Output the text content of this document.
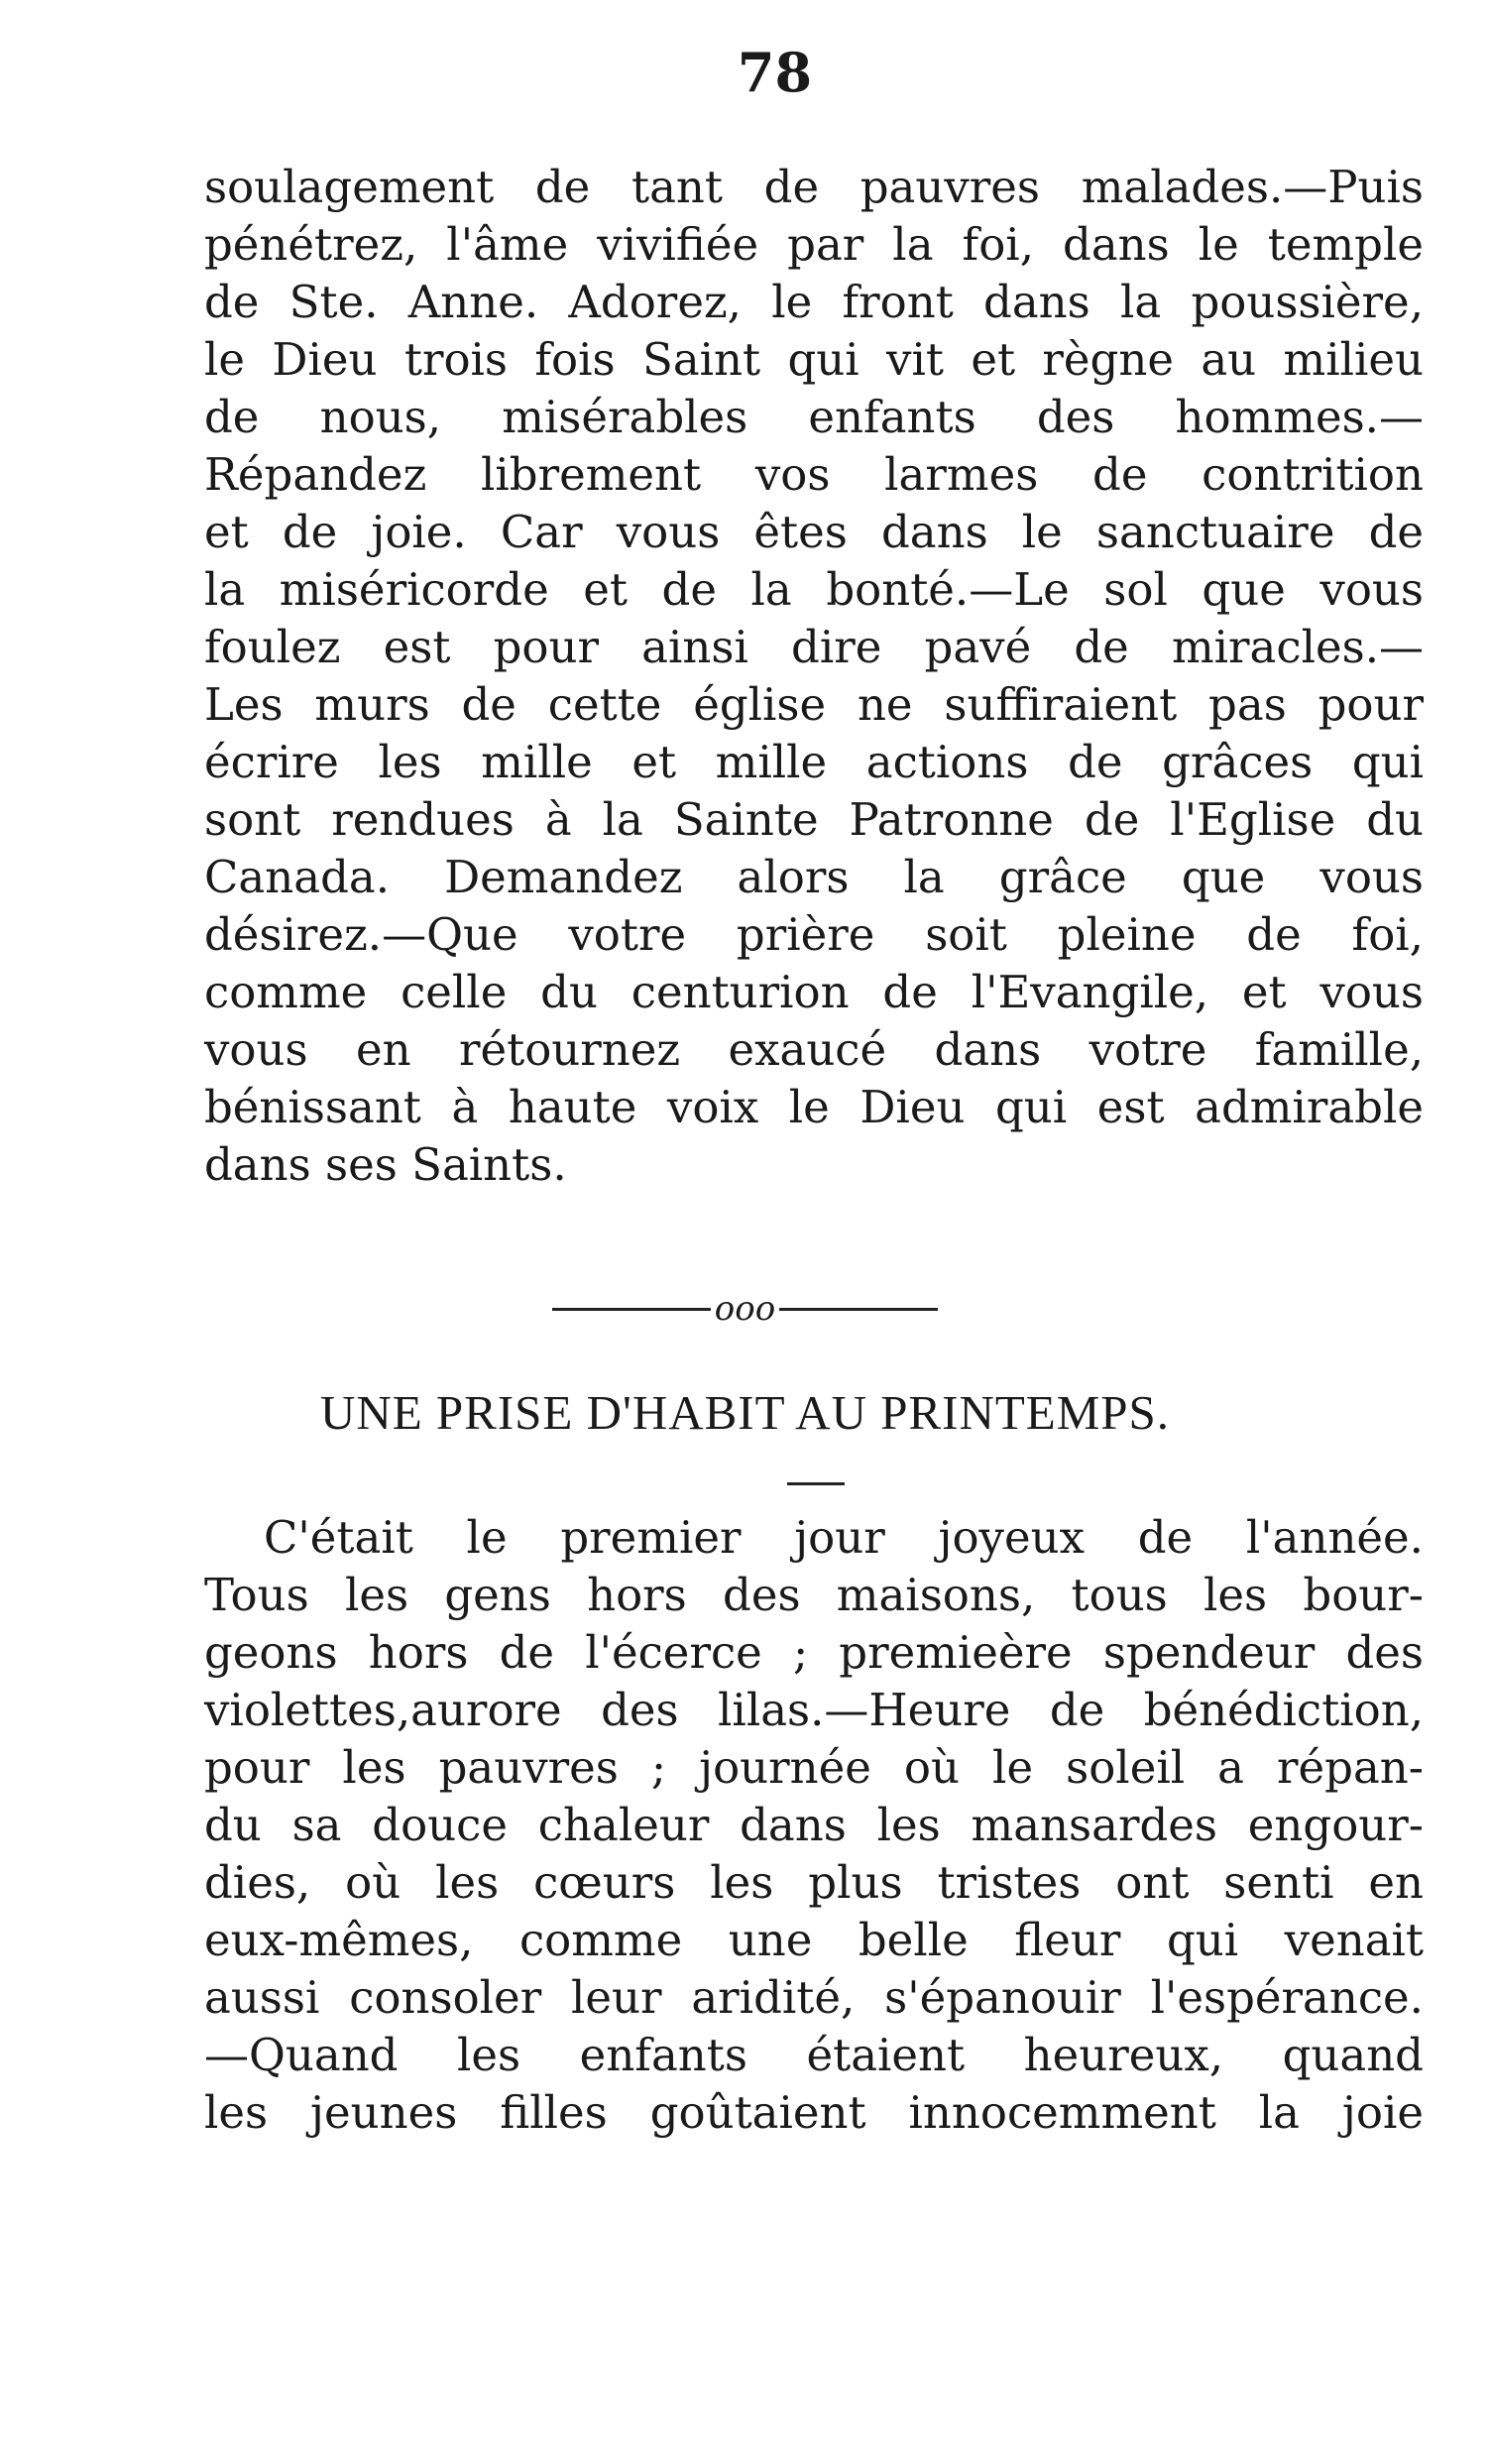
78
soulagement de tant de pauvres malades.—Puis
pénétrez, l'âme vivifiée par la foi, dans le temple
de Ste. Anne. Adorez, le front dans la poussière,
le Dieu trois fois Saint qui vit et règne au milieu
de nous, misérables enfants des hommes.—
Répandez librement vos larmes de contrition
et de joie. Car vous êtes dans le sanctuaire de
la miséricorde et de la bonté.—Le sol que vous
foulez est pour ainsi dire pavé de miracles.—
Les murs de cette église ne suffiraient pas pour
écrire les mille et mille actions de grâces qui
sont rendues à la Sainte Patronne de l'Eglise du
Canada. Demandez alors la grâce que vous
désirez.—Que votre prière soit pleine de foi,
comme celle du centurion de l'Evangile, et vous
vous en rétournez exaucé dans votre famille,
bénissant à haute voix le Dieu qui est admirable
dans ses Saints.
ooo
UNE PRISE D'HABIT AU PRINTEMPS.
C'était le premier jour joyeux de l'année.
Tous les gens hors des maisons, tous les bour-
geons hors de l'écerce ; premieère spendeur des
violettes,aurore des lilas.—Heure de bénédiction,
pour les pauvres ; journée où le soleil a répan-
du sa douce chaleur dans les mansardes engour-
dies, où les cœurs les plus tristes ont senti en
eux-mêmes, comme une belle fleur qui venait
aussi consoler leur aridité, s'épanouir l'espérance.
—Quand les enfants étaient heureux, quand
les jeunes filles goûtaient innocemment la joie
